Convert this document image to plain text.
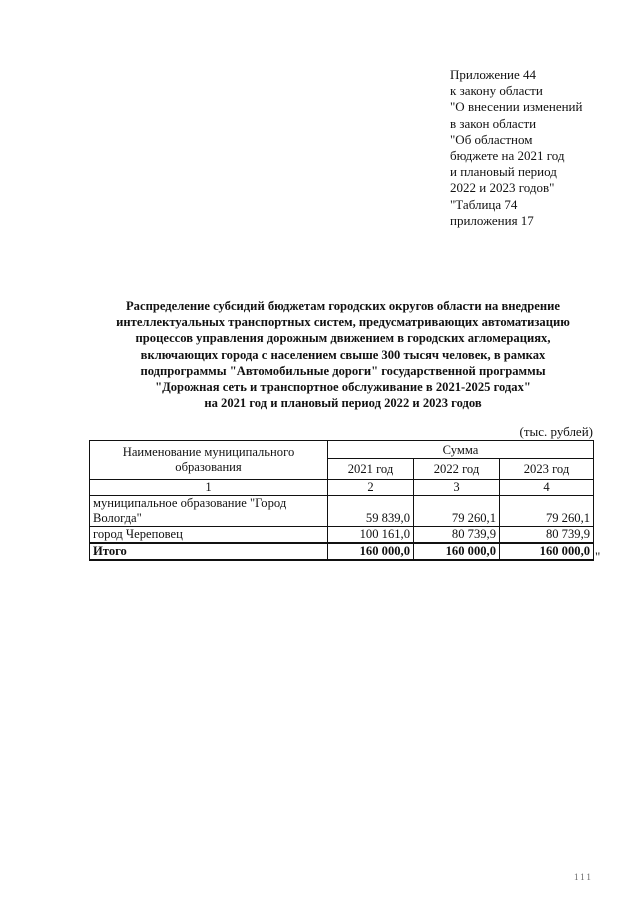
Приложение 44
к закону области
"О внесении изменений
в закон области
"Об областном
бюджете на 2021 год
и плановый период
2022 и 2023 годов"
"Таблица 74
приложения 17
Распределение субсидий бюджетам городских округов области на внедрение
интеллектуальных транспортных систем, предусматривающих автоматизацию
процессов управления дорожным движением в городских агломерациях,
включающих города с населением свыше 300 тысяч человек, в рамках
подпрограммы "Автомобильные дороги" государственной программы
"Дорожная сеть и транспортное обслуживание в 2021-2025 годах"
на 2021 год и плановый период 2022 и 2023 годов
(тыс. рублей)
Наименование муниципального
образования	Сумма		
	2021 год	2022 год	2023 год
1	2	3	4
муниципальное образование "Город
Вологда"	59 839,0	79 260,1	79 260,1
город Череповец	100 161,0	80 739,9	80 739,9
Итого	160 000,0	160 000,0	160 000,0 "
111
